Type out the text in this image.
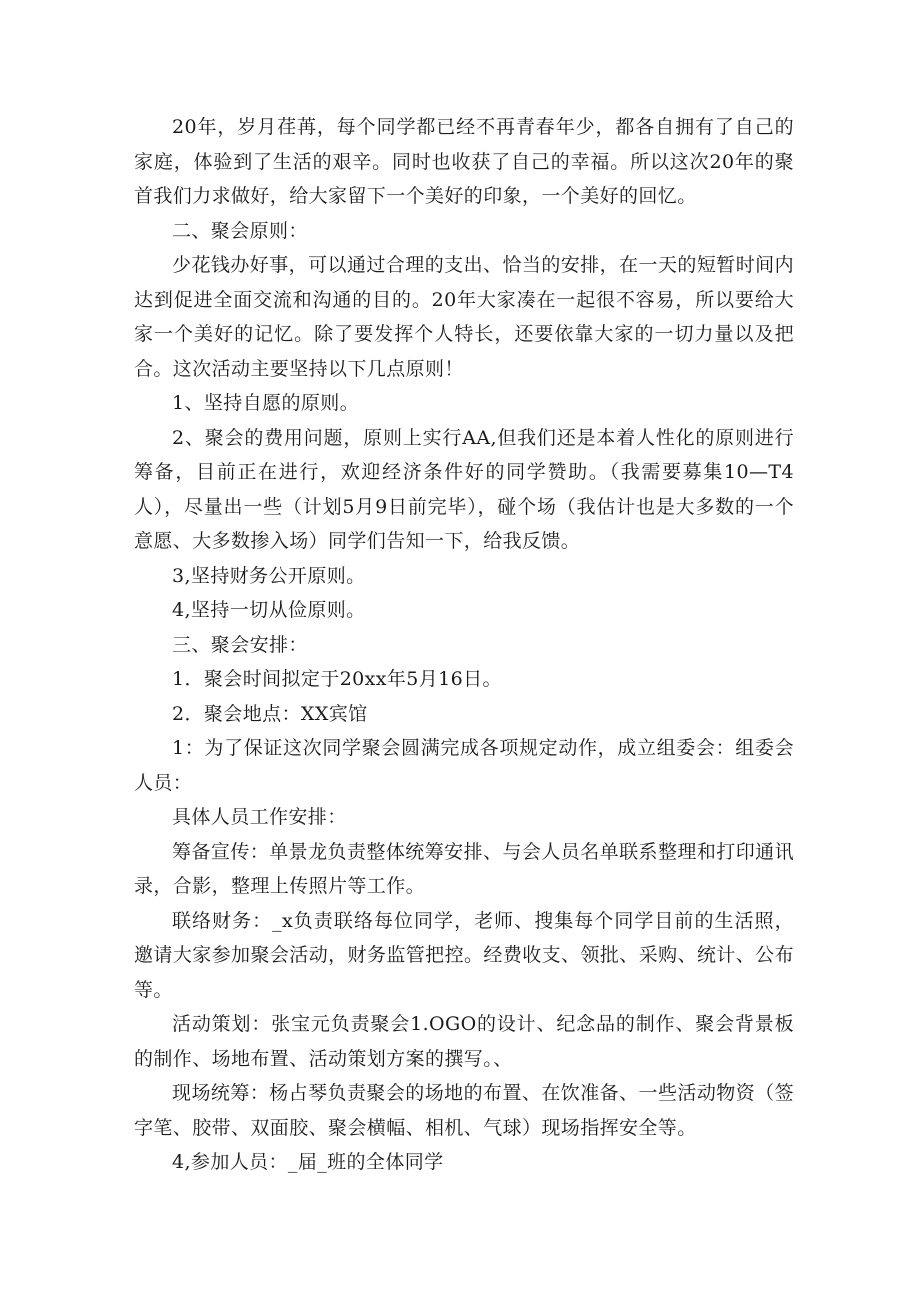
20年，岁月荏苒，每个同学都已经不再青春年少，都各自拥有了自己的家庭，体验到了生活的艰辛。同时也收获了自己的幸福。所以这次20年的聚首我们力求做好，给大家留下一个美好的印象，一个美好的回忆。

二、聚会原则：

少花钱办好事，可以通过合理的支出、恰当的安排，在一天的短暂时间内达到促进全面交流和沟通的目的。20年大家凑在一起很不容易，所以要给大家一个美好的记忆。除了要发挥个人特长，还要依靠大家的一切力量以及把合。这次活动主要坚持以下几点原则！

1、坚持自愿的原则。

2、聚会的费用问题，原则上实行AA,但我们还是本着人性化的原则进行筹备，目前正在进行，欢迎经济条件好的同学赞助。（我需要募集10—T4人），尽量出一些（计划5月9日前完毕），碰个场（我估计也是大多数的一个意愿、大多数掺入场）同学们告知一下，给我反馈。

3,坚持财务公开原则。

4,坚持一切从俭原则。

三、聚会安排：

1．聚会时间拟定于20xx年5月16日。

2．聚会地点：XX宾馆

1：为了保证这次同学聚会圆满完成各项规定动作，成立组委会：组委会人员：

具体人员工作安排：

筹备宣传：单景龙负责整体统筹安排、与会人员名单联系整理和打印通讯录，合影，整理上传照片等工作。

联络财务：_x负责联络每位同学，老师、搜集每个同学目前的生活照，邀请大家参加聚会活动，财务监管把控。经费收支、领批、采购、统计、公布等。

活动策划：张宝元负责聚会1.OGO的设计、纪念品的制作、聚会背景板的制作、场地布置、活动策划方案的撰写。、

现场统筹：杨占琴负责聚会的场地的布置、在饮准备、一些活动物资（签字笔、胶带、双面胶、聚会横幅、相机、气球）现场指挥安全等。

4,参加人员：_届_班的全体同学
